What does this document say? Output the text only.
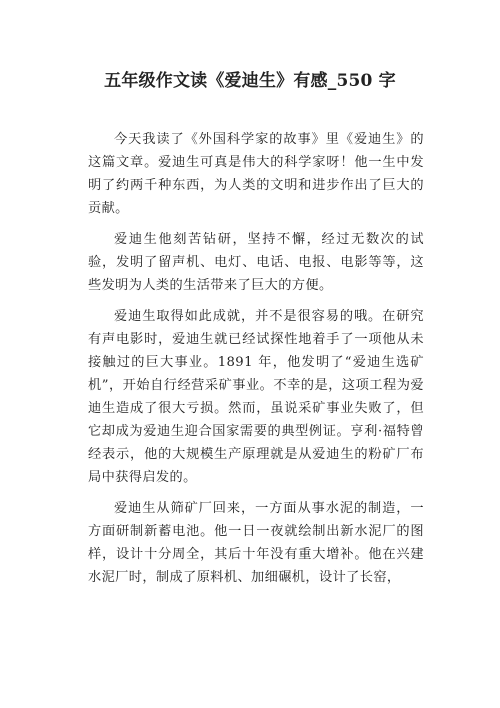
五年级作文读《爱迪生》有感_550 字

今天我读了《外国科学家的故事》里《爱迪生》的这篇文章。爱迪生可真是伟大的科学家呀！他一生中发明了约两千种东西，为人类的文明和进步作出了巨大的贡献。

爱迪生他刻苦钻研，坚持不懈，经过无数次的试验，发明了留声机、电灯、电话、电报、电影等等，这些发明为人类的生活带来了巨大的方便。

爱迪生取得如此成就，并不是很容易的哦。在研究有声电影时，爱迪生就已经试探性地着手了一项他从未接触过的巨大事业。1891 年，他发明了“爱迪生选矿机”，开始自行经营采矿事业。不幸的是，这项工程为爱迪生造成了很大亏损。然而，虽说采矿事业失败了，但它却成为爱迪生迎合国家需要的典型例证。亨利·福特曾经表示，他的大规模生产原理就是从爱迪生的粉矿厂布局中获得启发的。

爱迪生从筛矿厂回来，一方面从事水泥的制造，一方面研制新蓄电池。他一日一夜就绘制出新水泥厂的图样，设计十分周全，其后十年没有重大增补。他在兴建水泥厂时，制成了原料机、加细碾机，设计了长窑，
